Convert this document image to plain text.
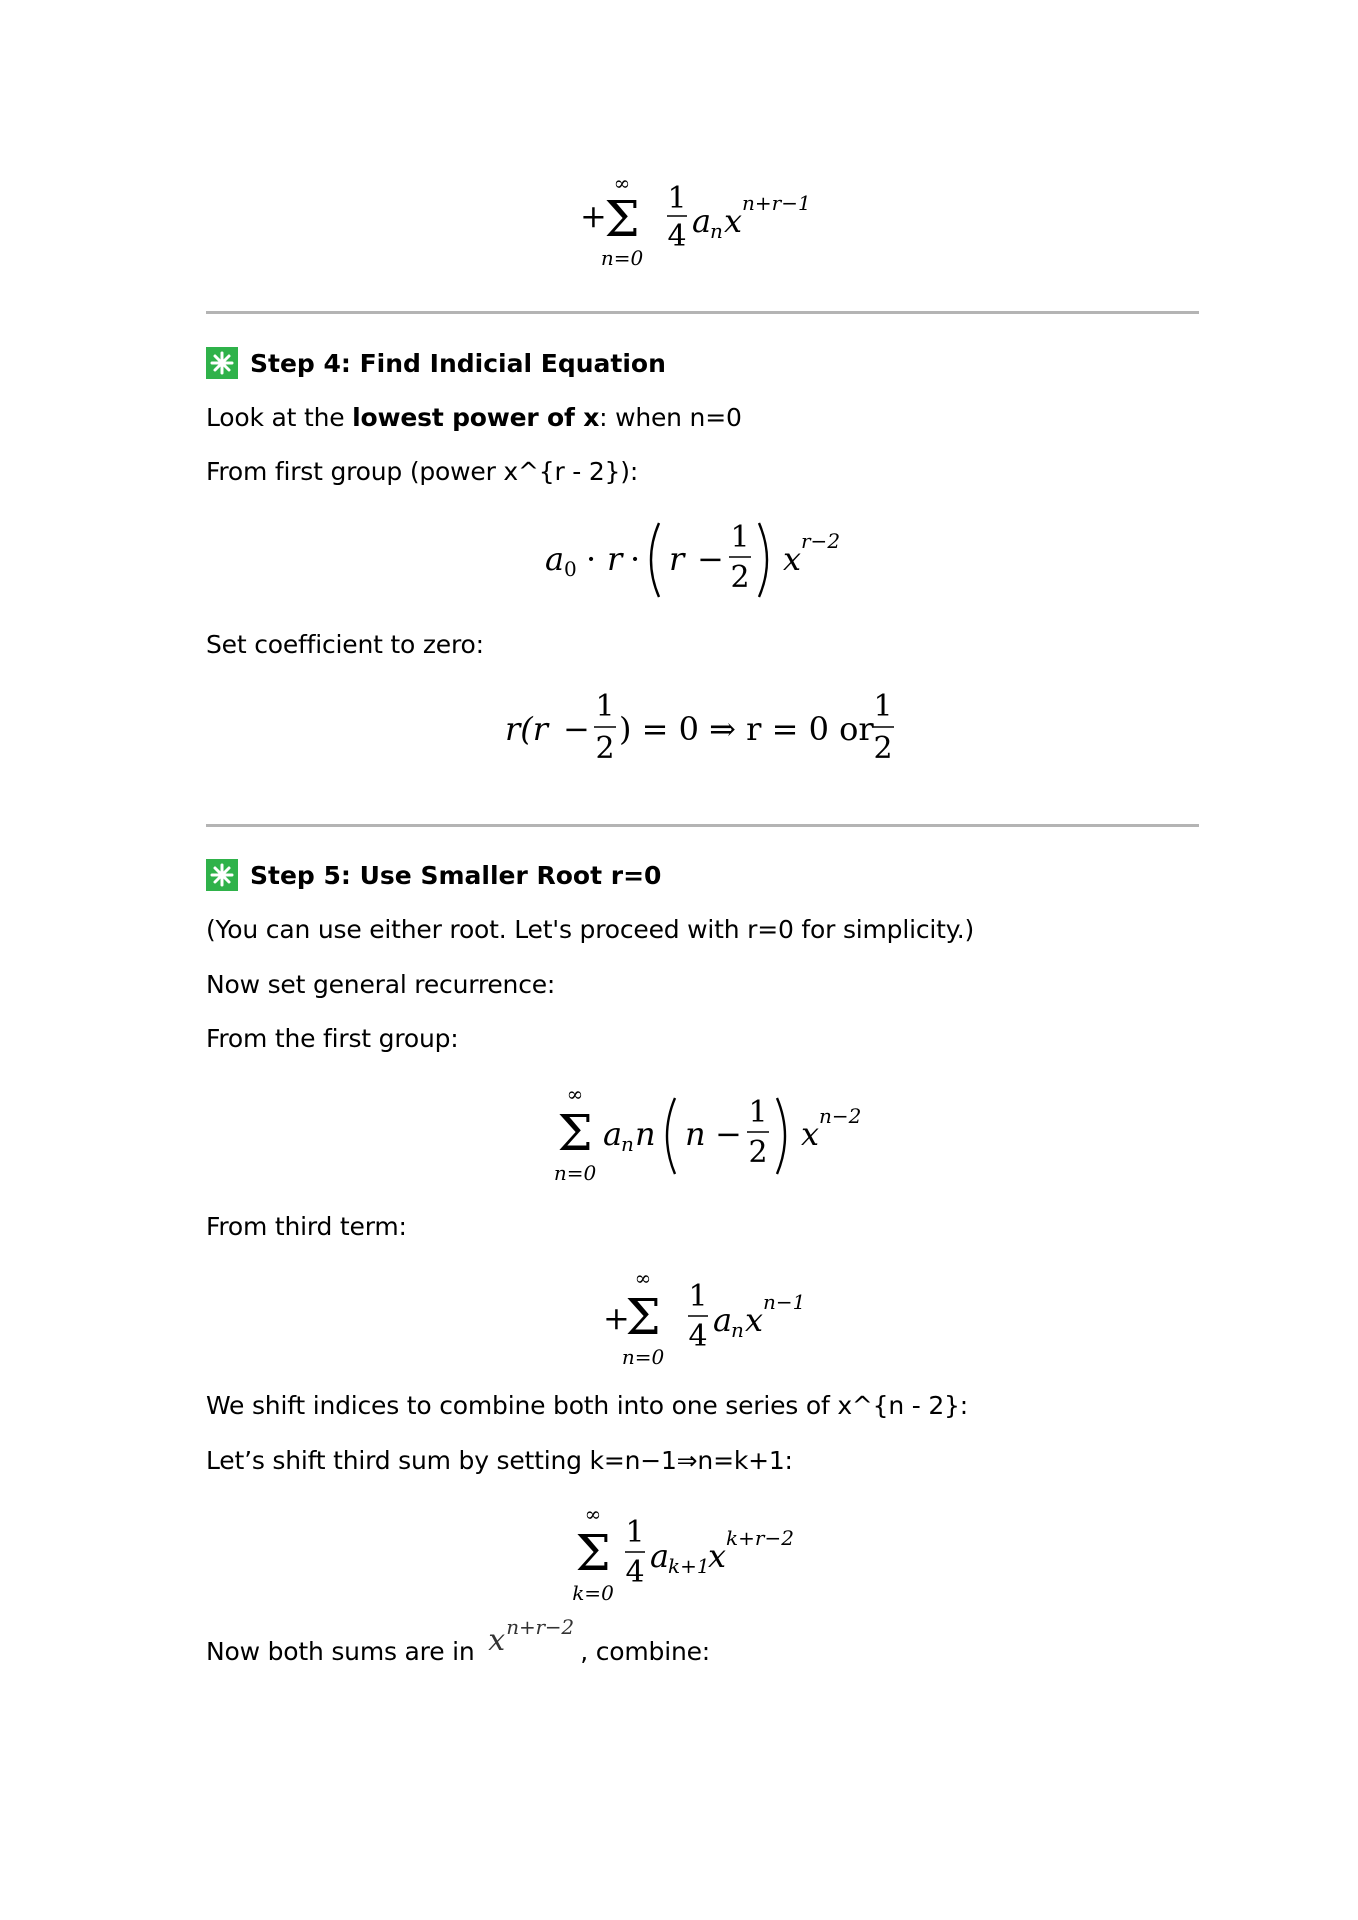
+
∞
Σ
n=0
1
4 a
n x n+r−1
Step 4: Find Indicial Equation
Look at the lowest power of x: when n=0
From first group (power x^{r - 2}):
a 0 · r · r −
1
2 x r−2
Set coefficient to zero:
r(r −
1
2
) = 0 ⇒ r = 0 or
1
2
Step 5: Use Smaller Root r=0
(You can use either root. Let's proceed with r=0 for simplicity.)
Now set general recurrence:
From the first group:
∞
Σ
n=0
a
n n n −
1
2 x n−2
From third term:
+
∞
Σ
n=0
1
4 a
n x n−1
We shift indices to combine both into one series of x^{n - 2}:
Let’s shift third sum by setting k=n−1⇒n=k+1:
∞
Σ
k=0
1
4 a
k+1
x k+r−2
Now both sums are in x n+r−2
, combine:
